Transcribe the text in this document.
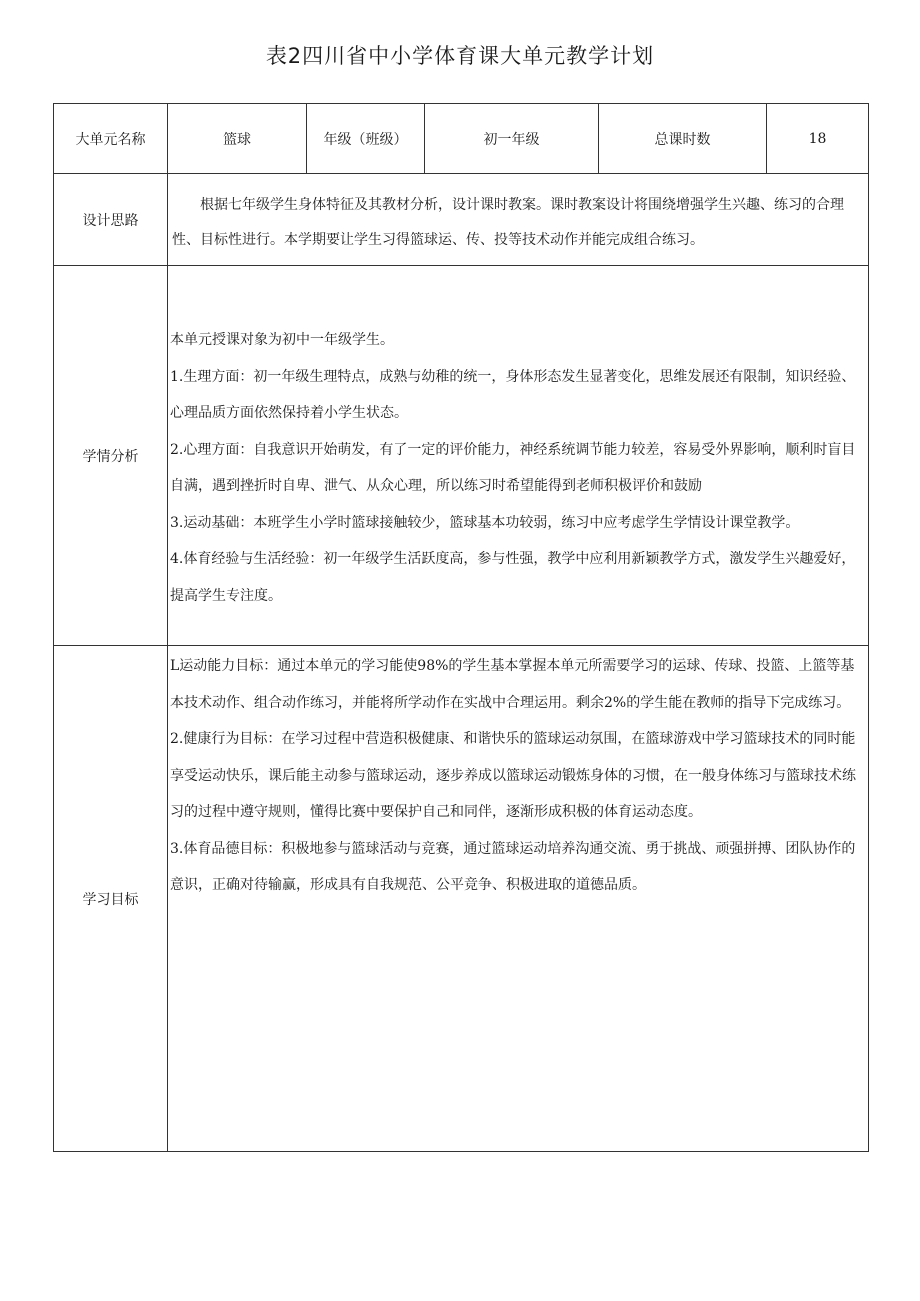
表2四川省中小学体育课大单元教学计划
大单元名称	篮球	年级（班级）	初一年级	总课时数	18
设计思路	根据七年级学生身体特征及其教材分析，设计课时教案。课时教案设计将围绕增强学生兴趣、练习的合理性、目标性进行。本学期要让学生习得篮球运、传、投等技术动作并能完成组合练习。				

学情分析	本单元授课对象为初中一年级学生。

1.生理方面：初一年级生理特点，成熟与幼稚的统一，身体形态发生显著变化，思维发展还有限制，知识经验、心理品质方面依然保持着小学生状态。

2.心理方面：自我意识开始萌发，有了一定的评价能力，神经系统调节能力较差，容易受外界影响，顺利时盲目自满，遇到挫折时自卑、泄气、从众心理，所以练习时希望能得到老师积极评价和鼓励

3.运动基础：本班学生小学时篮球接触较少，篮球基本功较弱，练习中应考虑学生学情设计课堂教学。

4.体育经验与生活经验：初一年级学生活跃度高，参与性强，教学中应利用新颖教学方式，激发学生兴趣爱好，提高学生专注度。				

学习目标	L运动能力目标：通过本单元的学习能使98%的学生基本掌握本单元所需要学习的运球、传球、投篮、上篮等基本技术动作、组合动作练习，并能将所学动作在实战中合理运用。剩余2%的学生能在教师的指导下完成练习。

2.健康行为目标：在学习过程中营造积极健康、和谐快乐的篮球运动氛围，在篮球游戏中学习篮球技术的同时能享受运动快乐，课后能主动参与篮球运动，逐步养成以篮球运动锻炼身体的习惯，在一般身体练习与篮球技术练习的过程中遵守规则，懂得比赛中要保护自己和同伴，逐渐形成积极的体育运动态度。

3.体育品德目标：积极地参与篮球活动与竞赛，通过篮球运动培养沟通交流、勇于挑战、顽强拼搏、团队协作的意识，正确对待输赢，形成具有自我规范、公平竞争、积极进取的道德品质。				
